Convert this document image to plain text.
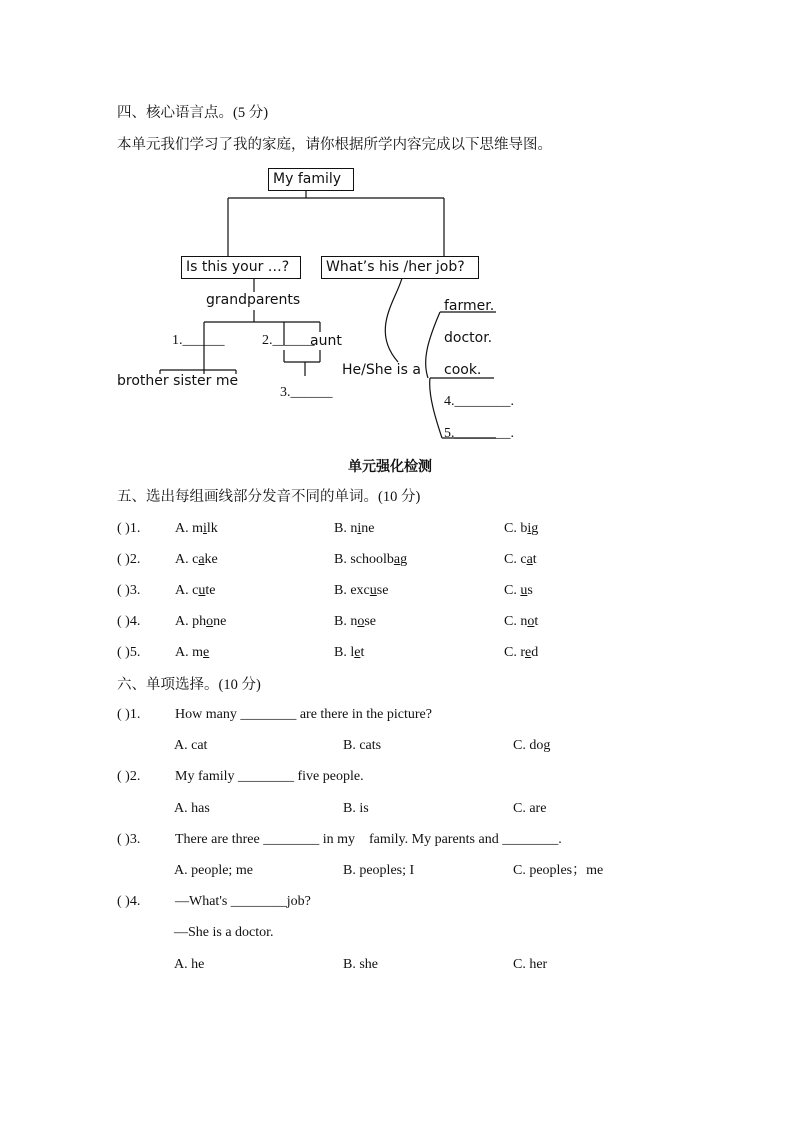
四、核心语言点。(5 分)
本单元我们学习了我的家庭，请你根据所学内容完成以下思维导图。
My family
Is this your …?	What’s his /her job?
grandparents
1.______	2.______
aunt
brother sister me
3.______
He/She is a
farmer.
doctor.
cook.
4.________.
5.________.
单元强化检测
五、选出每组画线部分发音不同的单词。(10 分)
( )1. A. milk	B. nine	C. big
( )2. A. cake	B. schoolbag	C. cat
( )3. A. cute	B. excuse	C. us
( )4. A. phone	B. nose	C. not
( )5. A. me	B. let	C. red
六、单项选择。(10 分)
( )1. How many ________ are there in the picture?
A. cat	B. cats	C. dog
( )2. My family ________ five people.
A. has	B. is	C. are
( )3. There are three ________ in my    family. My parents and ________.
A. people; me	B. peoples; I	C. peoples；me
( )4. —What's ________job?
—She is a doctor.
A. he	B. she	C. her
